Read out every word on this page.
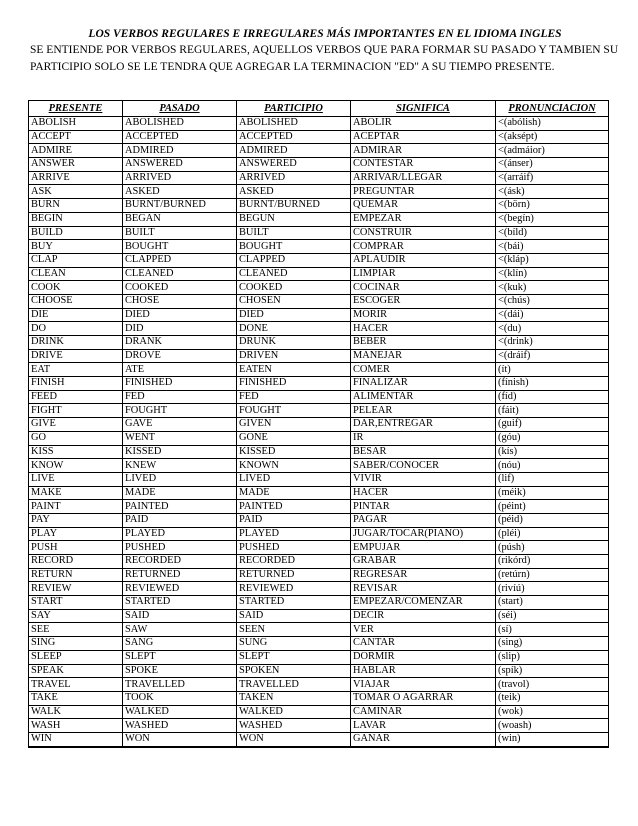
LOS VERBOS REGULARES E IRREGULARES MÁS IMPORTANTES EN EL IDIOMA INGLES
SE ENTIENDE POR VERBOS REGULARES, AQUELLOS VERBOS QUE PARA FORMAR SU PASADO Y TAMBIEN SU PARTICIPIO SOLO SE LE TENDRA QUE AGREGAR LA TERMINACION "ED" A SU TIEMPO PRESENTE.
PRESENTE	PASADO	PARTICIPIO	SIGNIFICA	PRONUNCIACION
ABOLISH	ABOLISHED	ABOLISHED	ABOLIR	<(abólish)
ACCEPT	ACCEPTED	ACCEPTED	ACEPTAR	<(aksépt)
ADMIRE	ADMIRED	ADMIRED	ADMIRAR	<(admáior)
ANSWER	ANSWERED	ANSWERED	CONTESTAR	<(ánser)
ARRIVE	ARRIVED	ARRIVED	ARRIVAR/LLEGAR	<(arráif)
ASK	ASKED	ASKED	PREGUNTAR	<(ásk)
BURN	BURNT/BURNED	BURNT/BURNED	QUEMAR	<(börn)
BEGIN	BEGAN	BEGUN	EMPEZAR	<(begín)
BUILD	BUILT	BUILT	CONSTRUIR	<(bíld)
BUY	BOUGHT	BOUGHT	COMPRAR	<(bái)
CLAP	CLAPPED	CLAPPED	APLAUDIR	<(kláp)
CLEAN	CLEANED	CLEANED	LIMPIAR	<(klín)
COOK	COOKED	COOKED	COCINAR	<(kuk)
CHOOSE	CHOSE	CHOSEN	ESCOGER	<(chús)
DIE	DIED	DIED	MORIR	<(dái)
DO	DID	DONE	HACER	<(du)
DRINK	DRANK	DRUNK	BEBER	<(drink)
DRIVE	DROVE	DRIVEN	MANEJAR	<(dráif)
EAT	ATE	EATEN	COMER	(ít)
FINISH	FINISHED	FINISHED	FINALIZAR	(fínish)
FEED	FED	FED	ALIMENTAR	(fíd)
FIGHT	FOUGHT	FOUGHT	PELEAR	(fáit)
GIVE	GAVE	GIVEN	DAR,ENTREGAR	(guif)
GO	WENT	GONE	IR	(góu)
KISS	KISSED	KISSED	BESAR	(kís)
KNOW	KNEW	KNOWN	SABER/CONOCER	(nóu)
LIVE	LIVED	LIVED	VIVIR	(lif)
MAKE	MADE	MADE	HACER	(méik)
PAINT	PAINTED	PAINTED	PINTAR	(péint)
PAY	PAID	PAID	PAGAR	(péid)
PLAY	PLAYED	PLAYED	JUGAR/TOCAR(PIANO)	(pléi)
PUSH	PUSHED	PUSHED	EMPUJAR	(púsh)
RECORD	RECORDED	RECORDED	GRABAR	(rikórd)
RETURN	RETURNED	RETURNED	REGRESAR	(retúrn)
REVIEW	REVIEWED	REVIEWED	REVISAR	(rivíú)
START	STARTED	STARTED	EMPEZAR/COMENZAR	(start)
SAY	SAID	SAID	DECIR	(séi)
SEE	SAW	SEEN	VER	(sí)
SING	SANG	SUNG	CANTAR	(sing)
SLEEP	SLEPT	SLEPT	DORMIR	(slip)
SPEAK	SPOKE	SPOKEN	HABLAR	(spík)
TRAVEL	TRAVELLED	TRAVELLED	VIAJAR	(travol)
TAKE	TOOK	TAKEN	TOMAR O AGARRAR	(teik)
WALK	WALKED	WALKED	CAMINAR	(wok)
WASH	WASHED	WASHED	LAVAR	(woash)
WIN	WON	WON	GANAR	(win)
